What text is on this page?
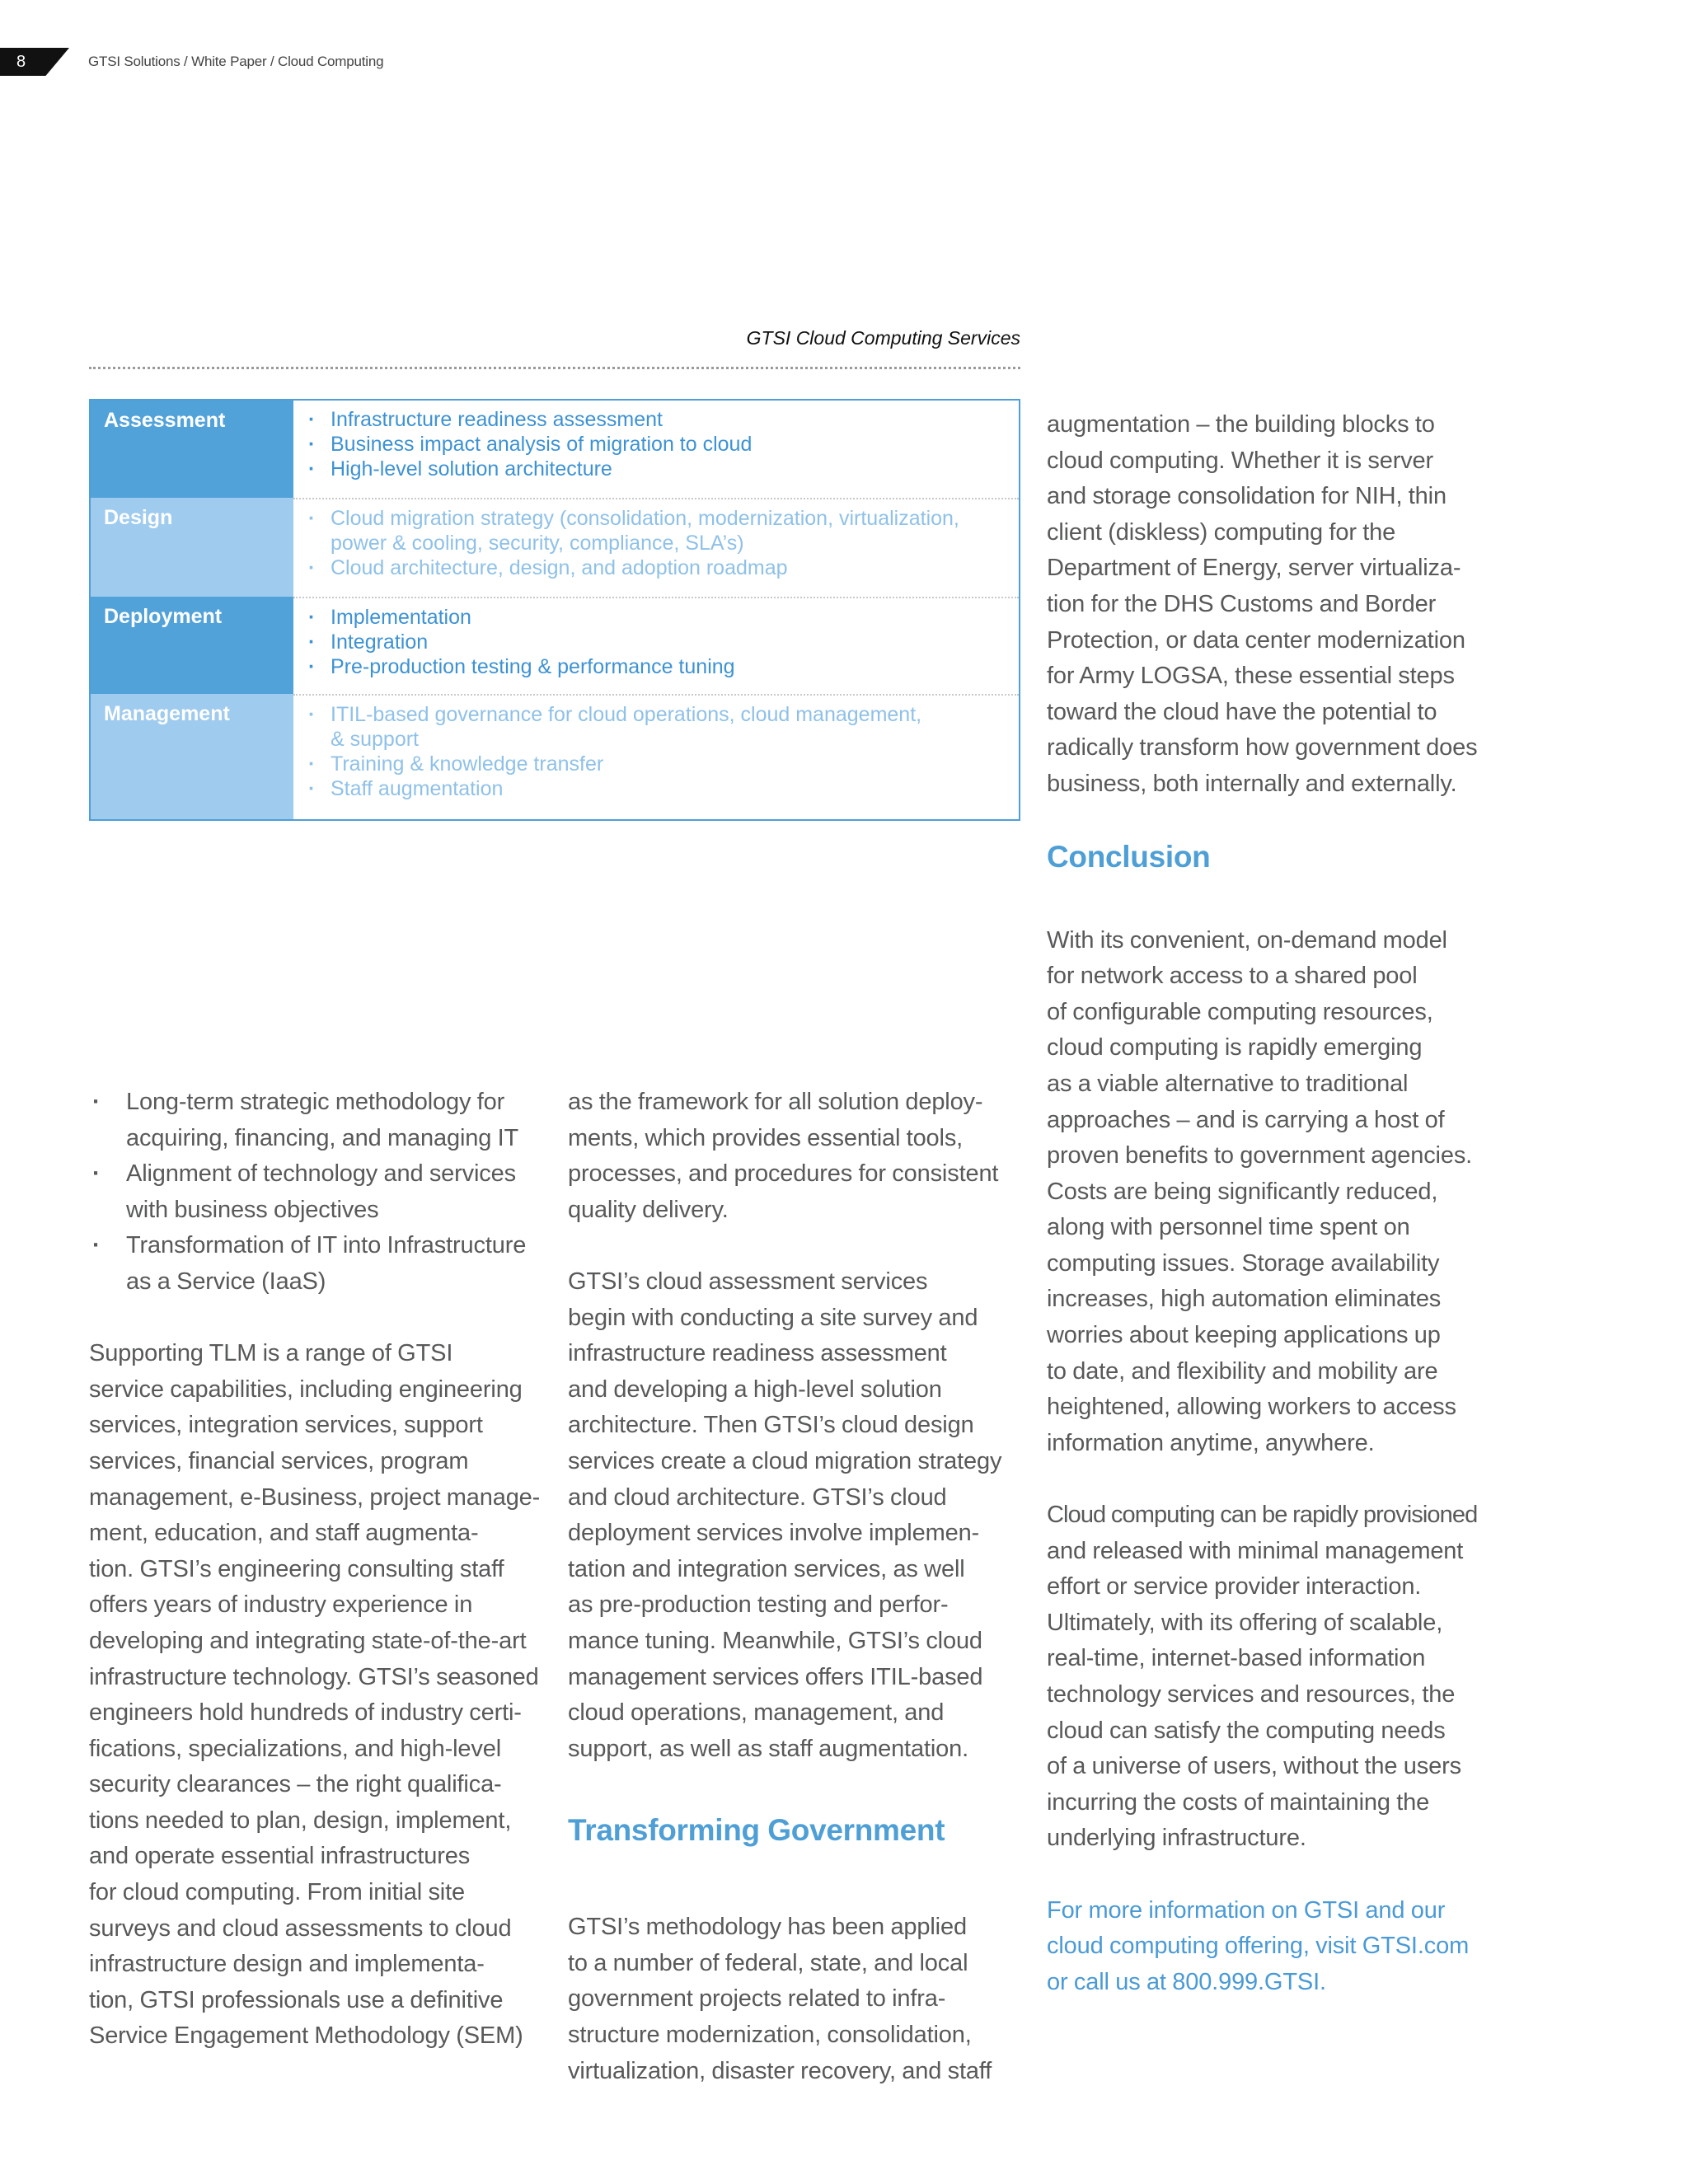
8	GTSI Solutions / White Paper / Cloud Computing
GTSI Cloud Computing Services
Assessment	· Infrastructure readiness assessment
· Business impact analysis of migration to cloud
· High-level solution architecture
Design	· Cloud migration strategy (consolidation, modernization, virtualization,
power & cooling, security, compliance, SLA’s)
· Cloud architecture, design, and adoption roadmap
Deployment	· Implementation
· Integration
· Pre-production testing & performance tuning
Management	· ITIL-based governance for cloud operations, cloud management,
& support
· Training & knowledge transfer
· Staff augmentation

· Long-term strategic methodology for

acquiring, financing, and managing IT

· Alignment of technology and services

with business objectives

· Transformation of IT into Infrastructure

as a Service (IaaS)

Supporting TLM is a range of GTSI

service capabilities, including engineering

services, integration services, support

services, financial services, program

management, e-Business, project manage-

ment, education, and staff augmenta-

tion. GTSI’s engineering consulting staff

offers years of industry experience in

developing and integrating state-of-the-art

infrastructure technology. GTSI’s seasoned

engineers hold hundreds of industry certi-

fications, specializations, and high-level

security clearances – the right qualifica-

tions needed to plan, design, implement,

and operate essential infrastructures

for cloud computing. From initial site

surveys and cloud assessments to cloud

infrastructure design and implementa-

tion, GTSI professionals use a definitive

Service Engagement Methodology (SEM)

as the framework for all solution deploy-

ments, which provides essential tools,

processes, and procedures for consistent

quality delivery.

GTSI’s cloud assessment services

begin with conducting a site survey and

infrastructure readiness assessment

and developing a high-level solution

architecture. Then GTSI’s cloud design

services create a cloud migration strategy

and cloud architecture. GTSI’s cloud

deployment services involve implemen-

tation and integration services, as well

as pre-production testing and perfor-

mance tuning. Meanwhile, GTSI’s cloud

management services offers ITIL-based

cloud operations, management, and

support, as well as staff augmentation.

Transforming Government

GTSI’s methodology has been applied

to a number of federal, state, and local

government projects related to infra-

structure modernization, consolidation,

virtualization, disaster recovery, and staff

augmentation – the building blocks to

cloud computing. Whether it is server

and storage consolidation for NIH, thin

client (diskless) computing for the

Department of Energy, server virtualiza-

tion for the DHS Customs and Border

Protection, or data center modernization

for Army LOGSA, these essential steps

toward the cloud have the potential to

radically transform how government does

business, both internally and externally.

Conclusion

With its convenient, on-demand model

for network access to a shared pool

of configurable computing resources,

cloud computing is rapidly emerging

as a viable alternative to traditional

approaches – and is carrying a host of

proven benefits to government agencies.

Costs are being significantly reduced,

along with personnel time spent on

computing issues. Storage availability

increases, high automation eliminates

worries about keeping applications up

to date, and flexibility and mobility are

heightened, allowing workers to access

information anytime, anywhere.

Cloud computing can be rapidly provisioned

and released with minimal management

effort or service provider interaction.

Ultimately, with its offering of scalable,

real-time, internet-based information

technology services and resources, the

cloud can satisfy the computing needs

of a universe of users, without the users

incurring the costs of maintaining the

underlying infrastructure.

For more information on GTSI and our

cloud computing offering, visit GTSI.com

or call us at 800.999.GTSI.
